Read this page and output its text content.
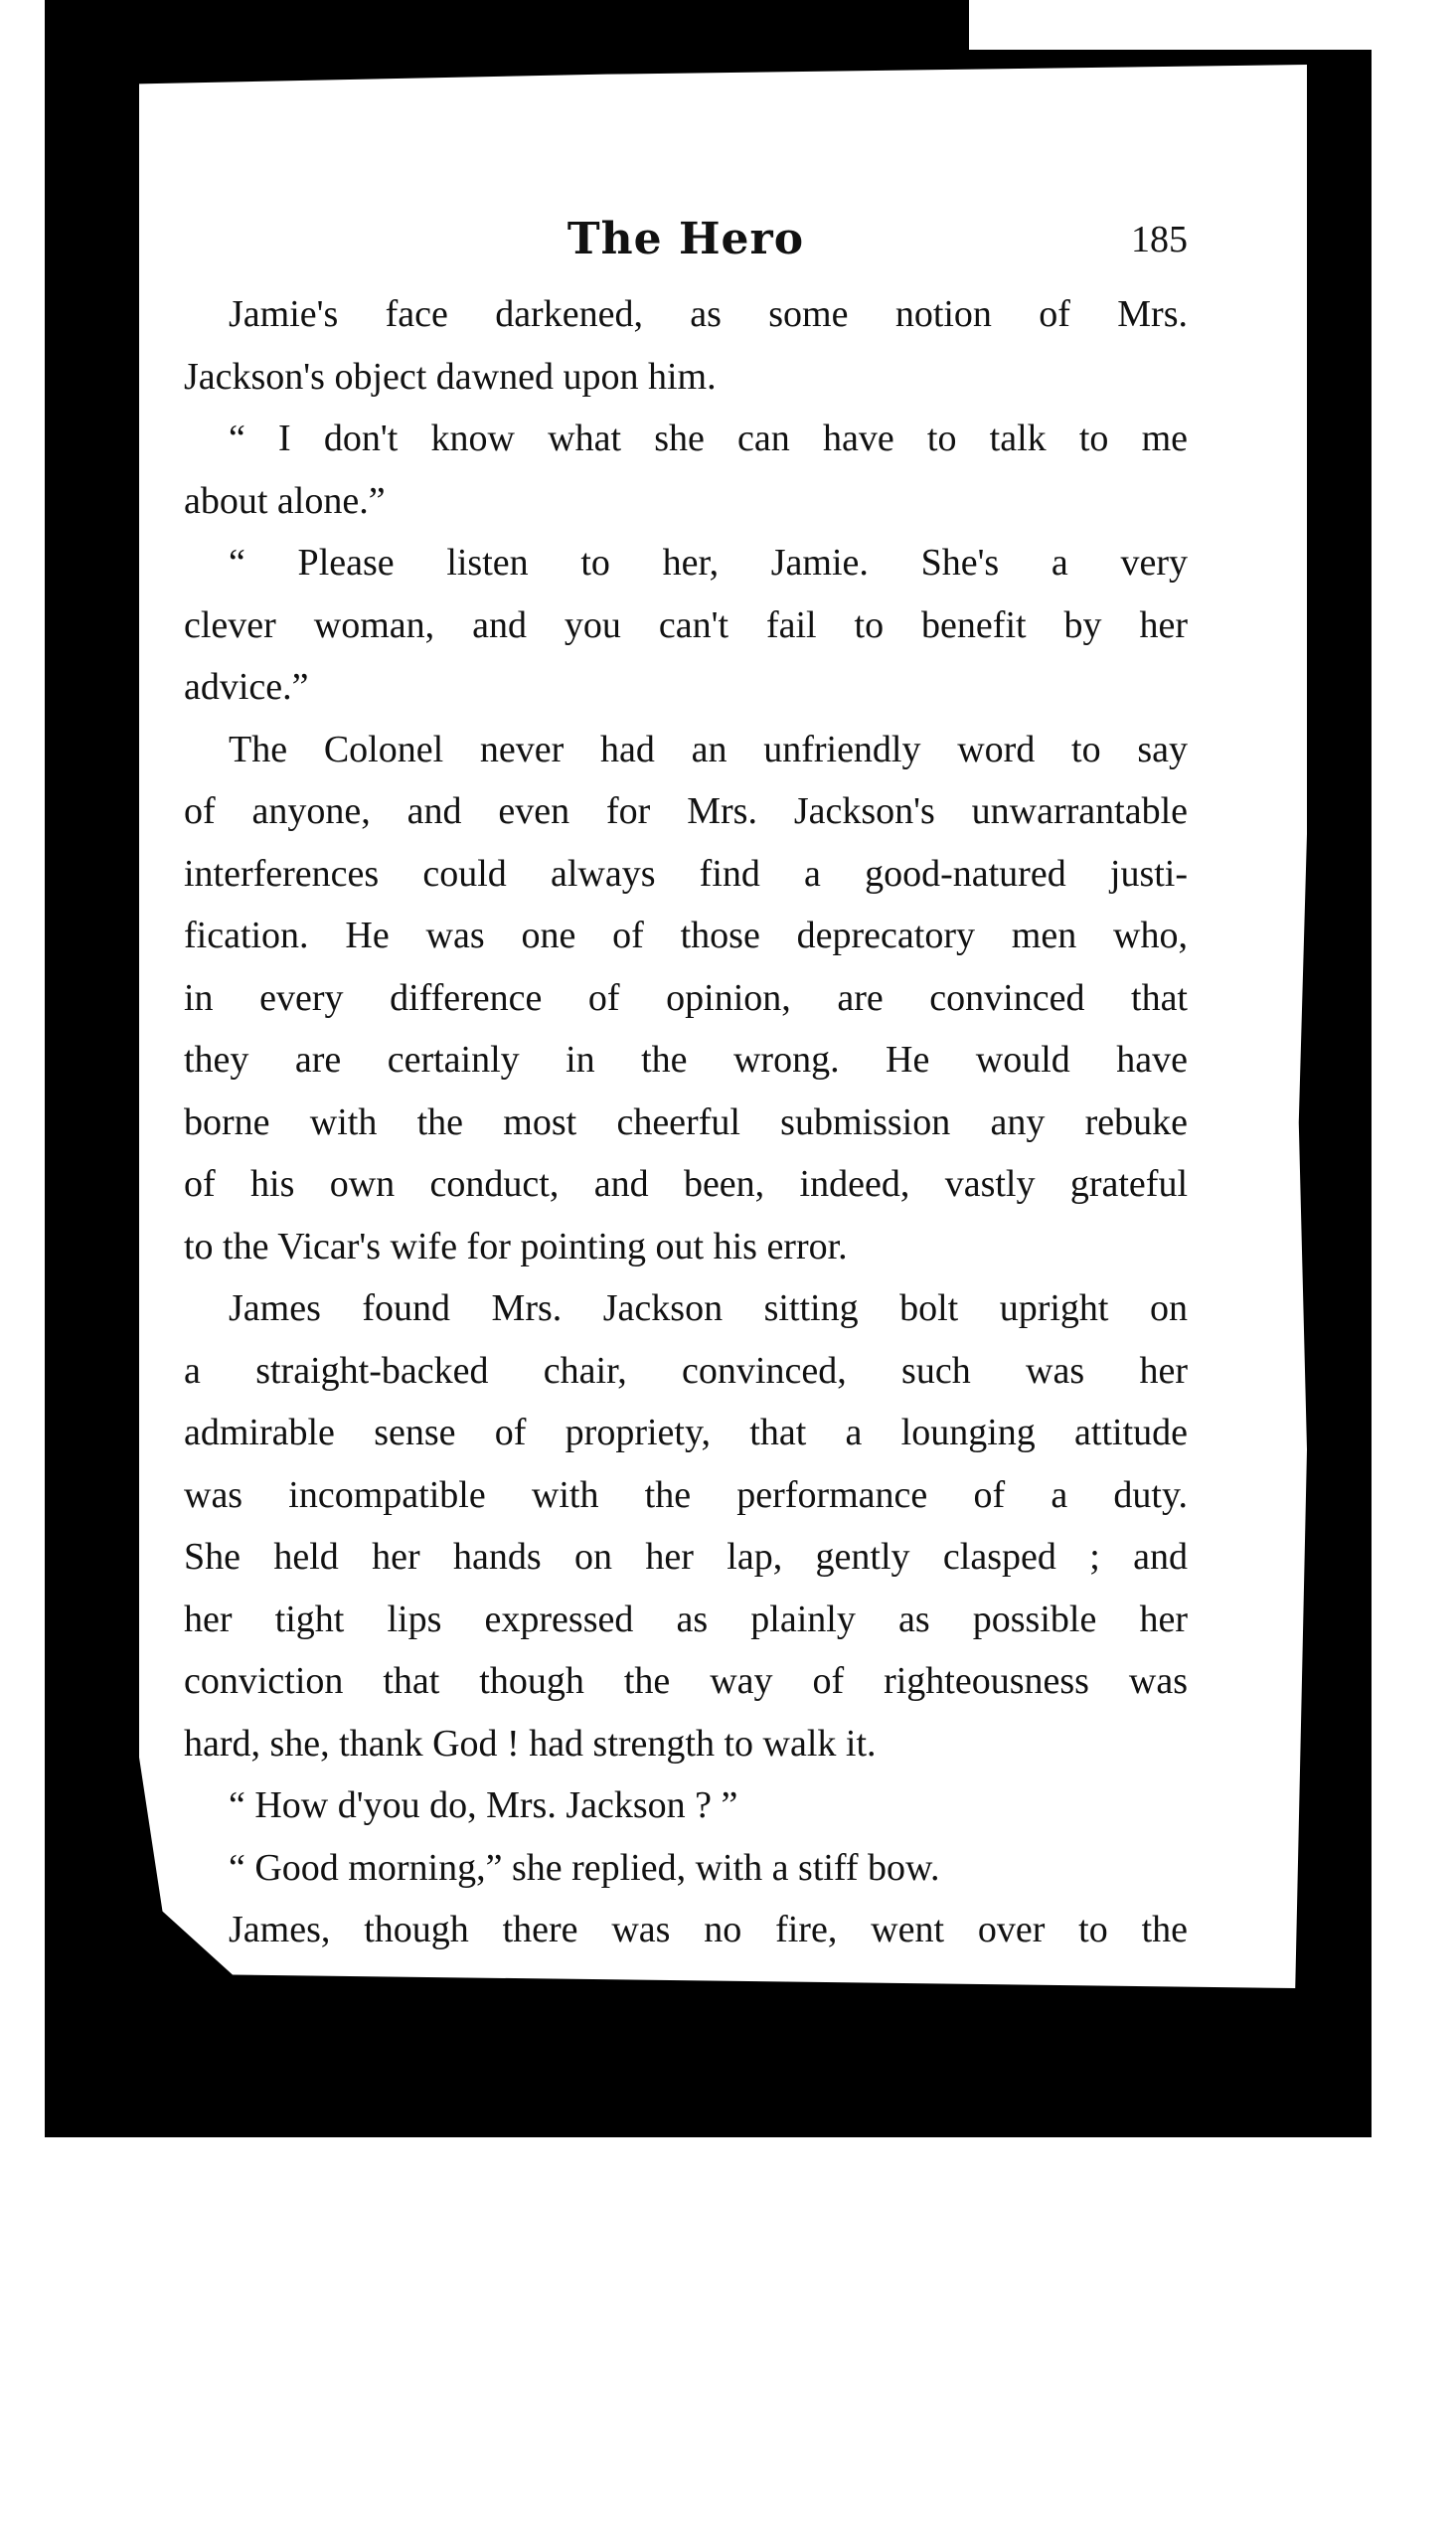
The Hero	185

Jamie's face darkened, as some notion of Mrs.
Jackson's object dawned upon him.

“ I don't know what she can have to talk to me
about alone.”

“ Please listen to her, Jamie. She's a very
clever woman, and you can't fail to benefit by her
advice.”

The Colonel never had an unfriendly word to say
of anyone, and even for Mrs. Jackson's unwarrantable
interferences could always find a good-natured justi-
fication. He was one of those deprecatory men who,
in every difference of opinion, are convinced that
they are certainly in the wrong. He would have
borne with the most cheerful submission any rebuke
of his own conduct, and been, indeed, vastly grateful
to the Vicar's wife for pointing out his error.

James found Mrs. Jackson sitting bolt upright on
a straight-backed chair, convinced, such was her
admirable sense of propriety, that a lounging attitude
was incompatible with the performance of a duty.
She held her hands on her lap, gently clasped ; and
her tight lips expressed as plainly as possible her
conviction that though the way of righteousness was
hard, she, thank God ! had strength to walk it.

“ How d'you do, Mrs. Jackson ? ”

“ Good morning,” she replied, with a stiff bow.

James, though there was no fire, went over to the
